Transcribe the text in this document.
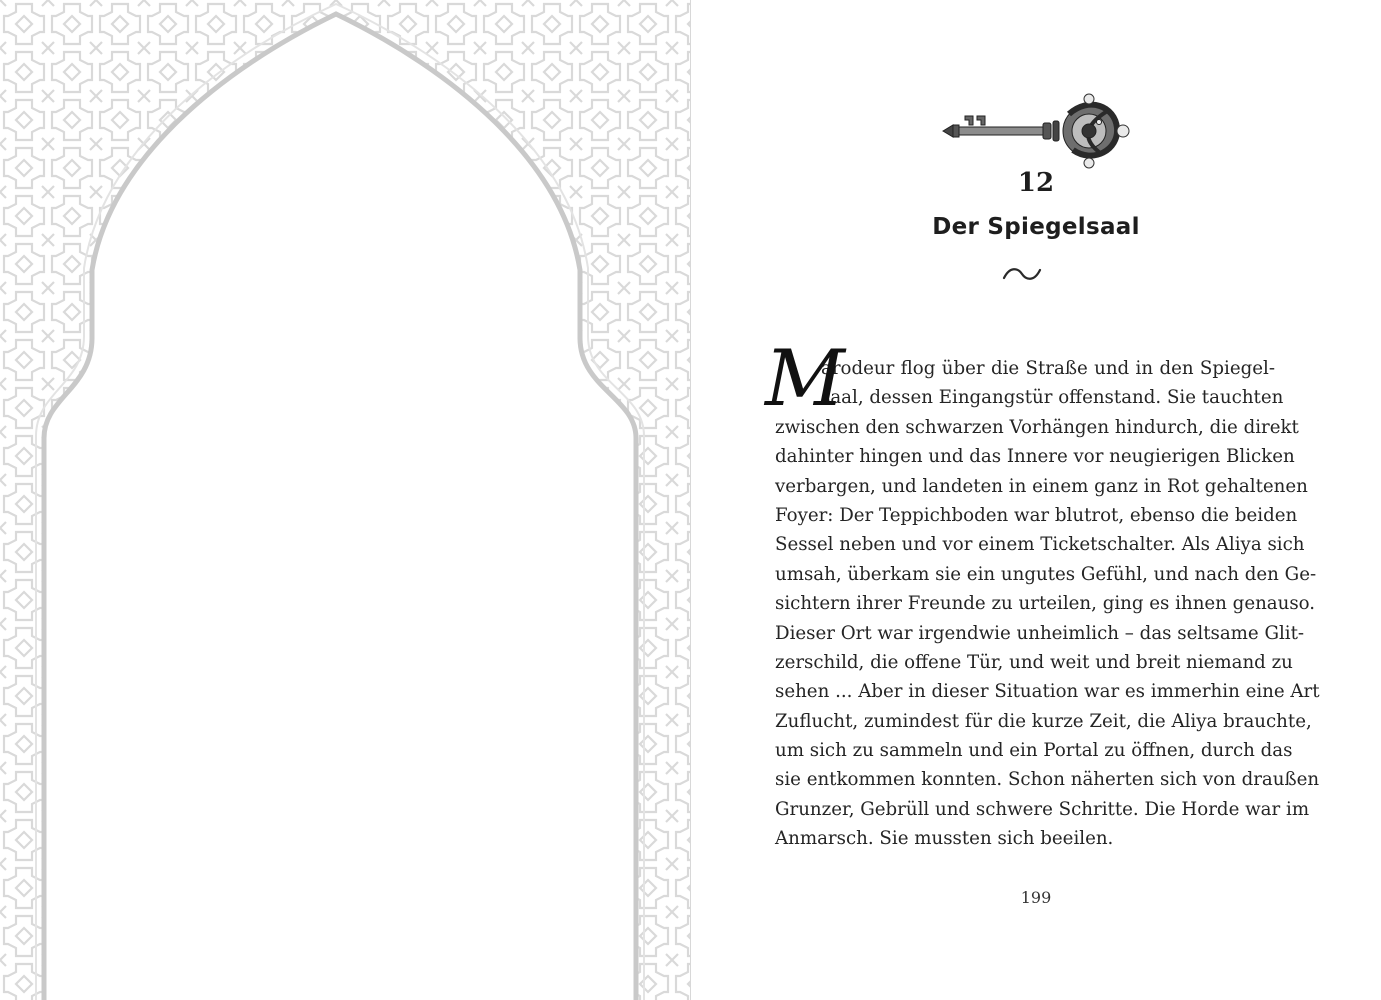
12
Der Spiegelsaal
M
arodeur flog über die Straße und in den Spiegel-
saal, dessen Eingangstür offenstand. Sie tauchten
zwischen den schwarzen Vorhängen hindurch, die direkt
dahinter hingen und das Innere vor neugierigen Blicken
verbargen, und landeten in einem ganz in Rot gehaltenen
Foyer: Der Teppichboden war blutrot, ebenso die beiden
Sessel neben und vor einem Ticketschalter. Als Aliya sich
umsah, überkam sie ein ungutes Gefühl, und nach den Ge-
sichtern ihrer Freunde zu urteilen, ging es ihnen genauso.
Dieser Ort war irgendwie unheimlich – das seltsame Glit-
zerschild, die offene Tür, und weit und breit niemand zu
sehen ... Aber in dieser Situation war es immerhin eine Art
Zuflucht, zumindest für die kurze Zeit, die Aliya brauchte,
um sich zu sammeln und ein Portal zu öffnen, durch das
sie entkommen konnten. Schon näherten sich von draußen
Grunzer, Gebrüll und schwere Schritte. Die Horde war im
Anmarsch. Sie mussten sich beeilen.
199
